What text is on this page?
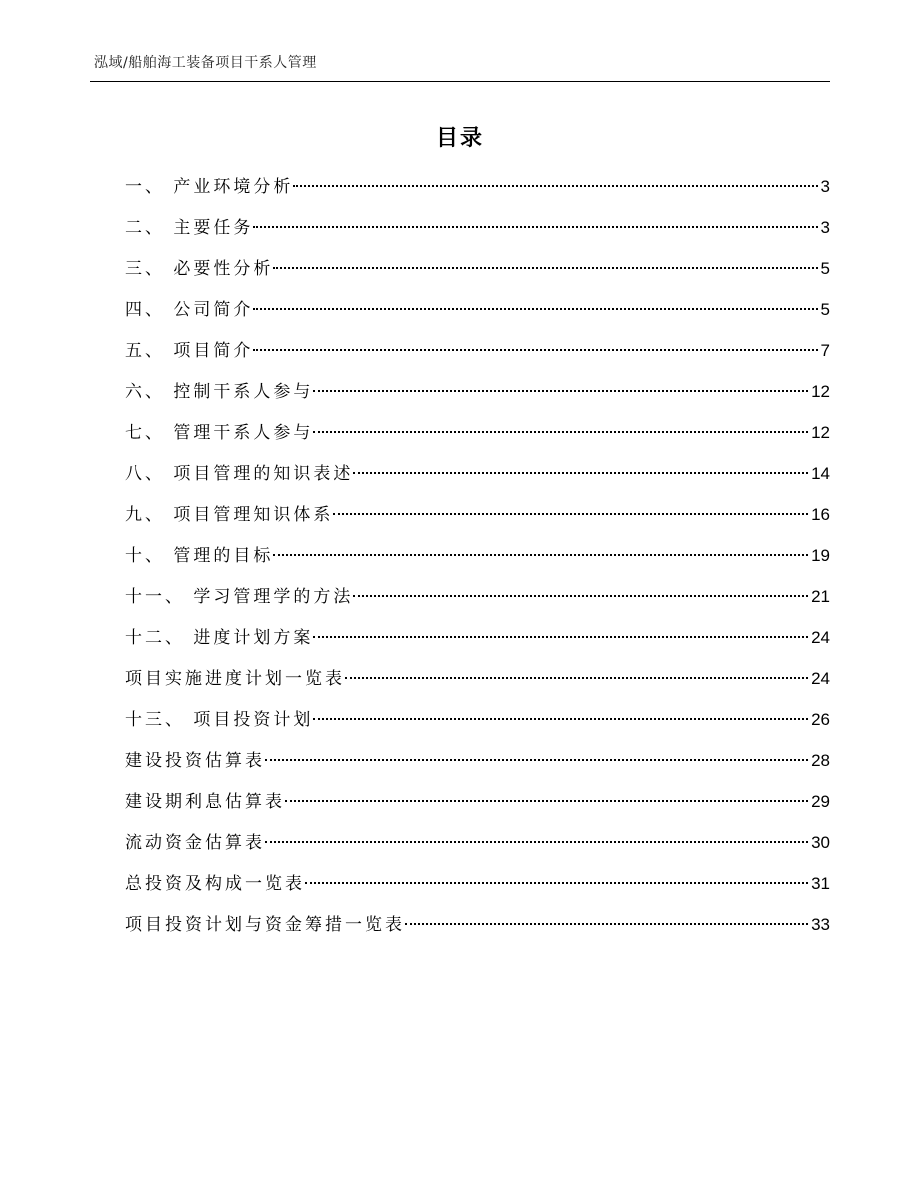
泓域/船舶海工装备项目干系人管理
目录
一、 产业环境分析	3
二、 主要任务	3
三、 必要性分析	5
四、 公司简介	5
五、 项目简介	7
六、 控制干系人参与	12
七、 管理干系人参与	12
八、 项目管理的知识表述	14
九、 项目管理知识体系	16
十、 管理的目标	19
十一、 学习管理学的方法	21
十二、 进度计划方案	24
项目实施进度计划一览表	24
十三、 项目投资计划	26
建设投资估算表	28
建设期利息估算表	29
流动资金估算表	30
总投资及构成一览表	31
项目投资计划与资金筹措一览表	33
